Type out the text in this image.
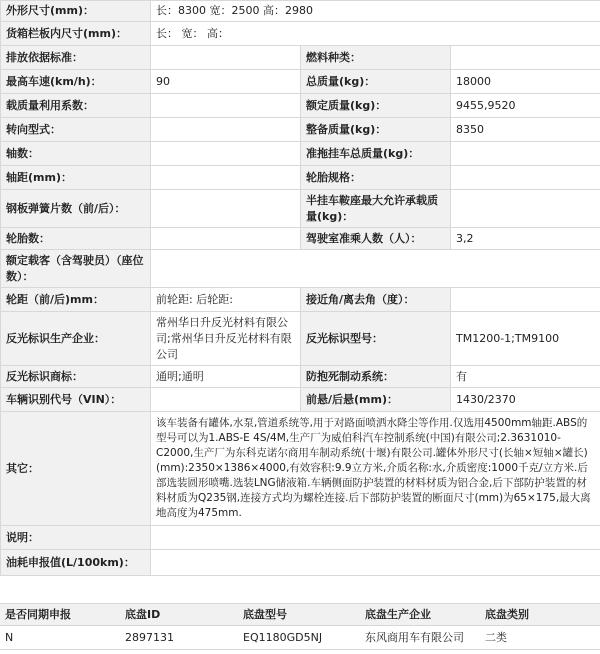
外形尺寸(mm)：	长：8300 宽：2500 高：2980		
货箱栏板内尺寸(mm)：	长： 宽： 高：		
排放依据标准：		燃料种类：	
最高车速(km/h)：	90	总质量(kg)：	18000
载质量利用系数：		额定质量(kg)：	9455,9520
转向型式：		整备质量(kg)：	8350
轴数：		准拖挂车总质量(kg)：	
轴距(mm)：		轮胎规格：	
钢板弹簧片数（前/后）：		半挂车鞍座最大允许承载质量(kg)：	
轮胎数：		驾驶室准乘人数（人）：	3,2
额定载客（含驾驶员）（座位数）：			
轮距（前/后)mm：	前轮距: 后轮距:	接近角/离去角（度）：	
反光标识生产企业：	常州华日升反光材料有限公司;常州华日升反光材料有限公司	反光标识型号：	TM1200-1;TM9100
反光标识商标：	通明;通明	防抱死制动系统：	有
车辆识别代号（VIN）：		前悬/后悬(mm)：	1430/2370
其它：	该车装备有罐体,水泵,管道系统等,用于对路面喷洒水降尘等作用.仅选用4500mm轴距.ABS的型号可以为1.ABS-E 4S/4M,生产厂为威伯科汽车控制系统(中国)有限公司;2.3631010-C2000,生产厂为东科克诺尔商用车制动系统(十堰)有限公司.罐体外形尺寸(长轴×短轴×罐长)(mm):2350×1386×4000,有效容积:9.9立方米,介质名称:水,介质密度:1000千克/立方米.后部选装圆形喷嘴.选装LNG储液箱.车辆侧面防护装置的材料材质为铝合金,后下部防护装置的材料材质为Q235钢,连接方式均为螺栓连接.后下部防护装置的断面尺寸(mm)为65×175,最大离地高度为475mm.		
说明：			
油耗申报值(L/100km)：			
是否同期申报	底盘ID	底盘型号	底盘生产企业	底盘类别
N	2897131	EQ1180GD5NJ	东风商用车有限公司	二类
